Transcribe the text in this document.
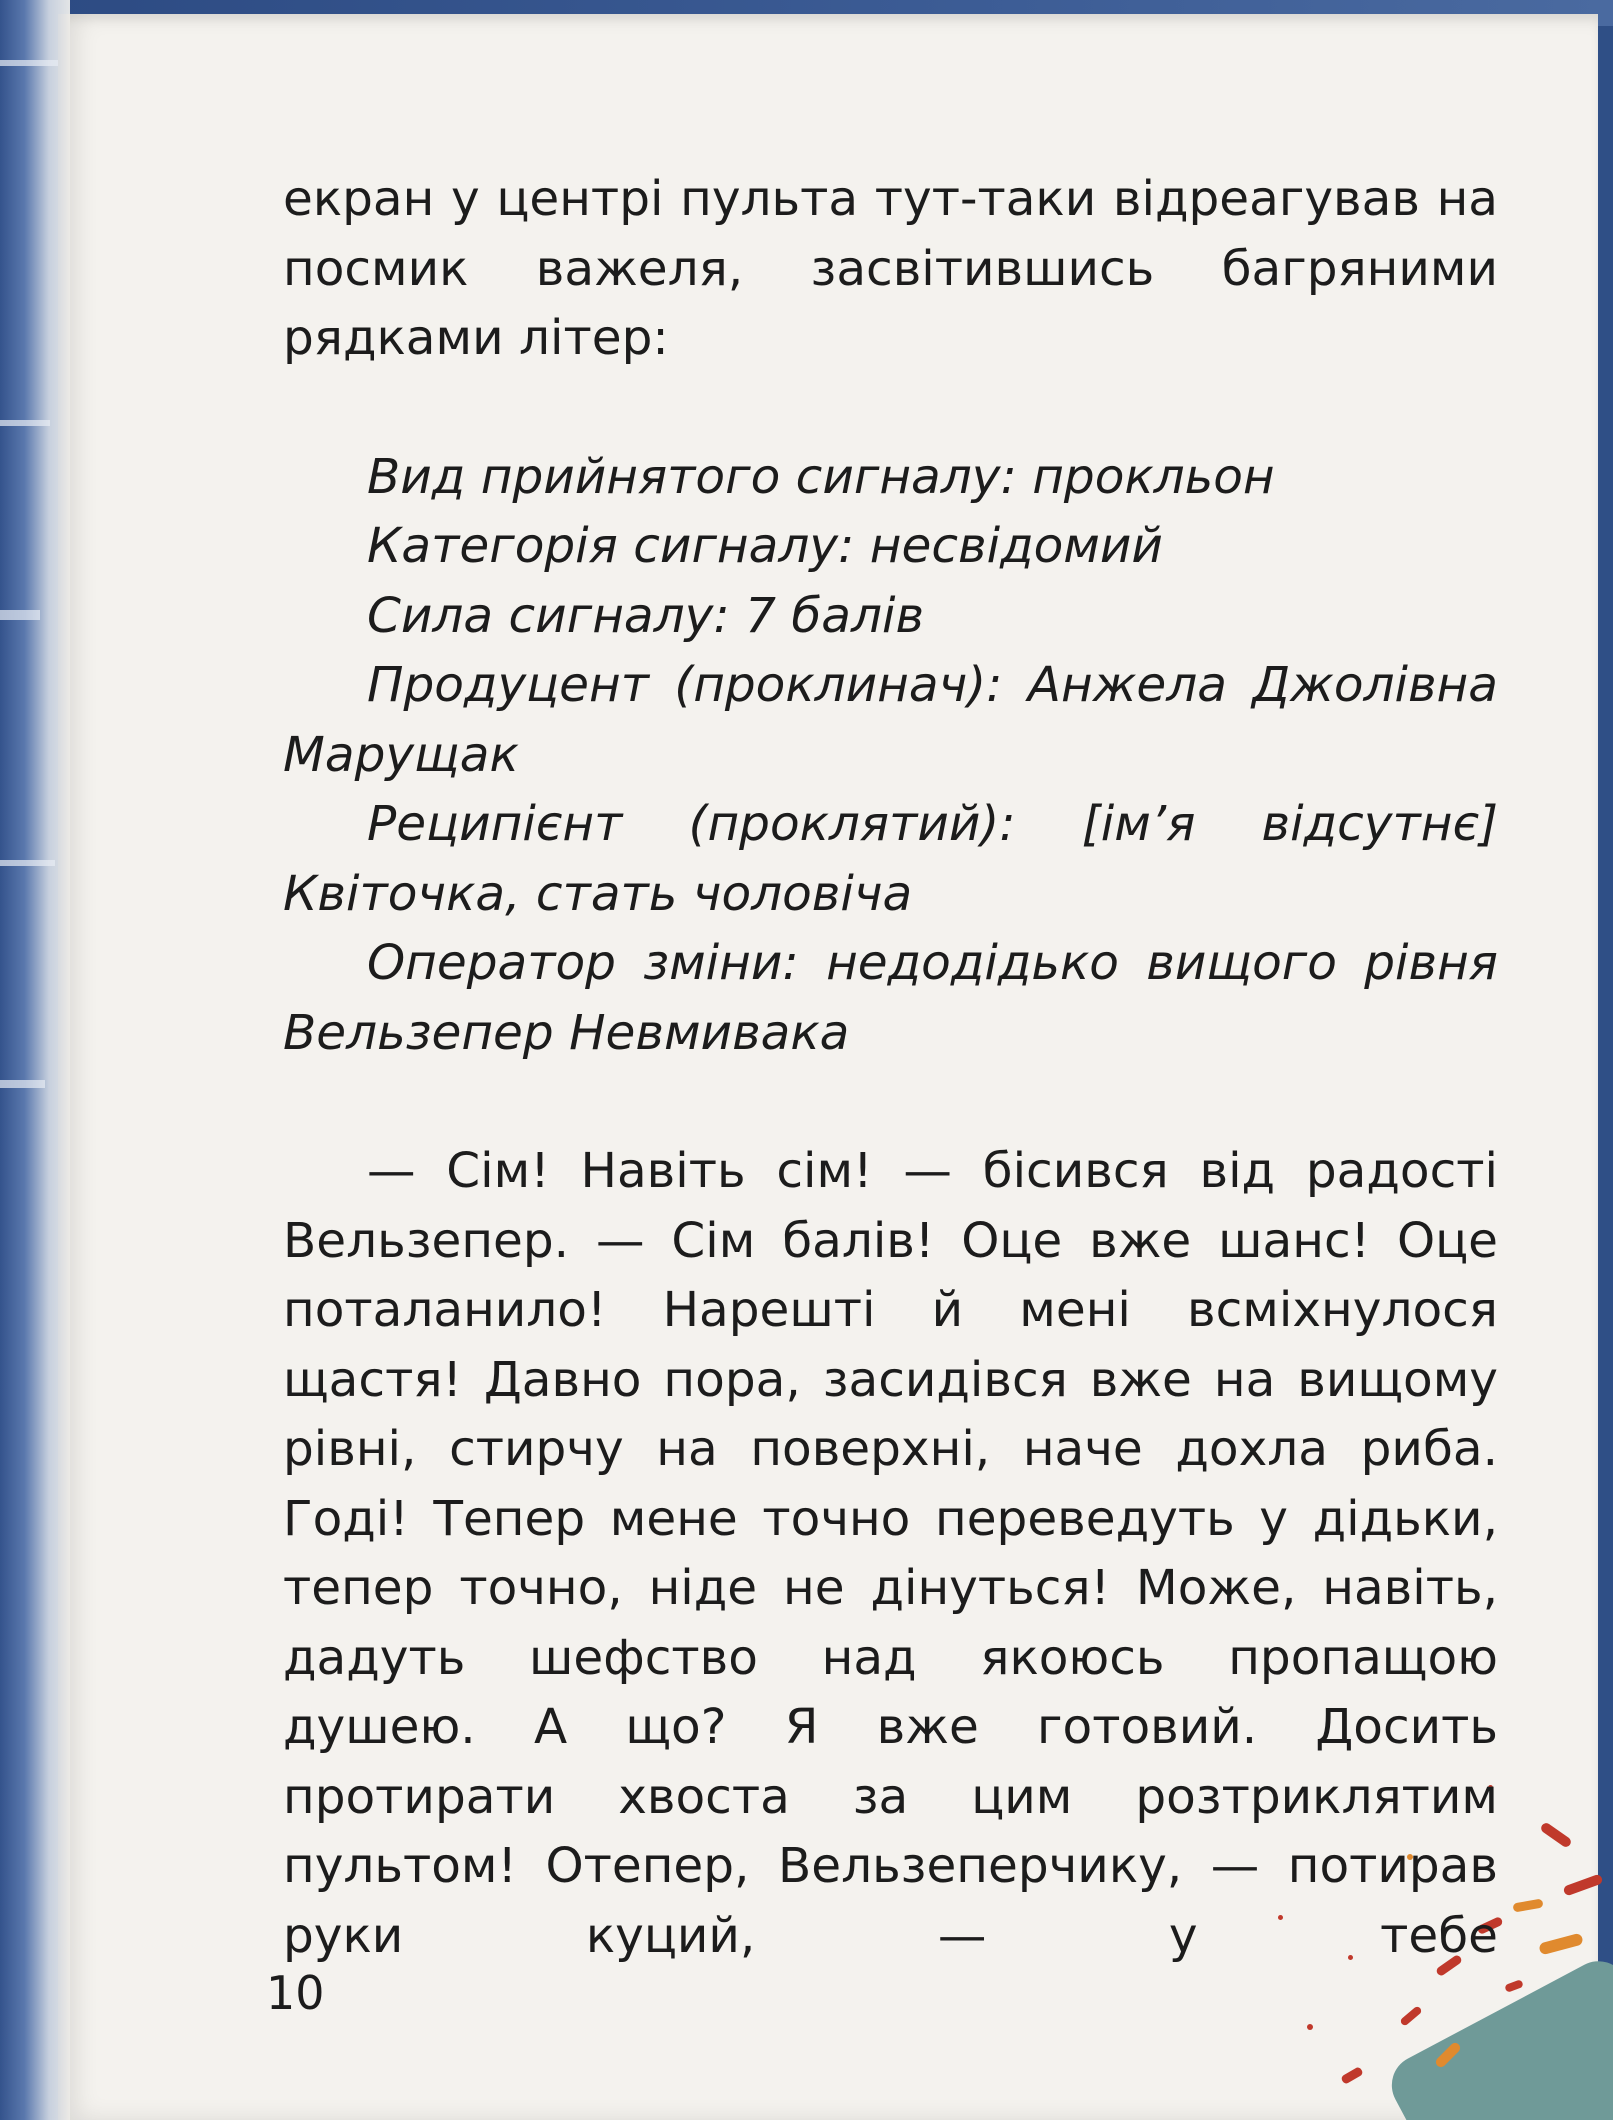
екран у центрі пульта тут-таки відреагував на посмик важеля, засвітившись багряними рядками літер:

Вид прийнятого сигналу: прокльон

Категорія сигналу: несвідомий

Сила сигналу: 7 балів

Продуцент (проклинач): Анжела Джолівна Марущак

Реципієнт (проклятий): [ім’я відсутнє] Квіточка, стать чоловіча

Оператор зміни: недодідько вищого рівня Вельзепер Невмивака

— Сім! Навіть сім! — бісився від радості Вельзепер. — Сім балів! Оце вже шанс! Оце поталанило! Нарешті й мені всміхнулося щастя! Давно пора, засидівся вже на вищому рівні, стирчу на поверхні, наче дохла риба. Годі! Тепер мене точно переведуть у дідьки, тепер точно, ніде не дінуться! Може, навіть, дадуть шефство над якоюсь пропащою душею. А що? Я вже готовий. Досить протирати хвоста за цим розтриклятим пультом! Отепер, Вельзеперчику, — потирав руки куций, — у тебе

10
